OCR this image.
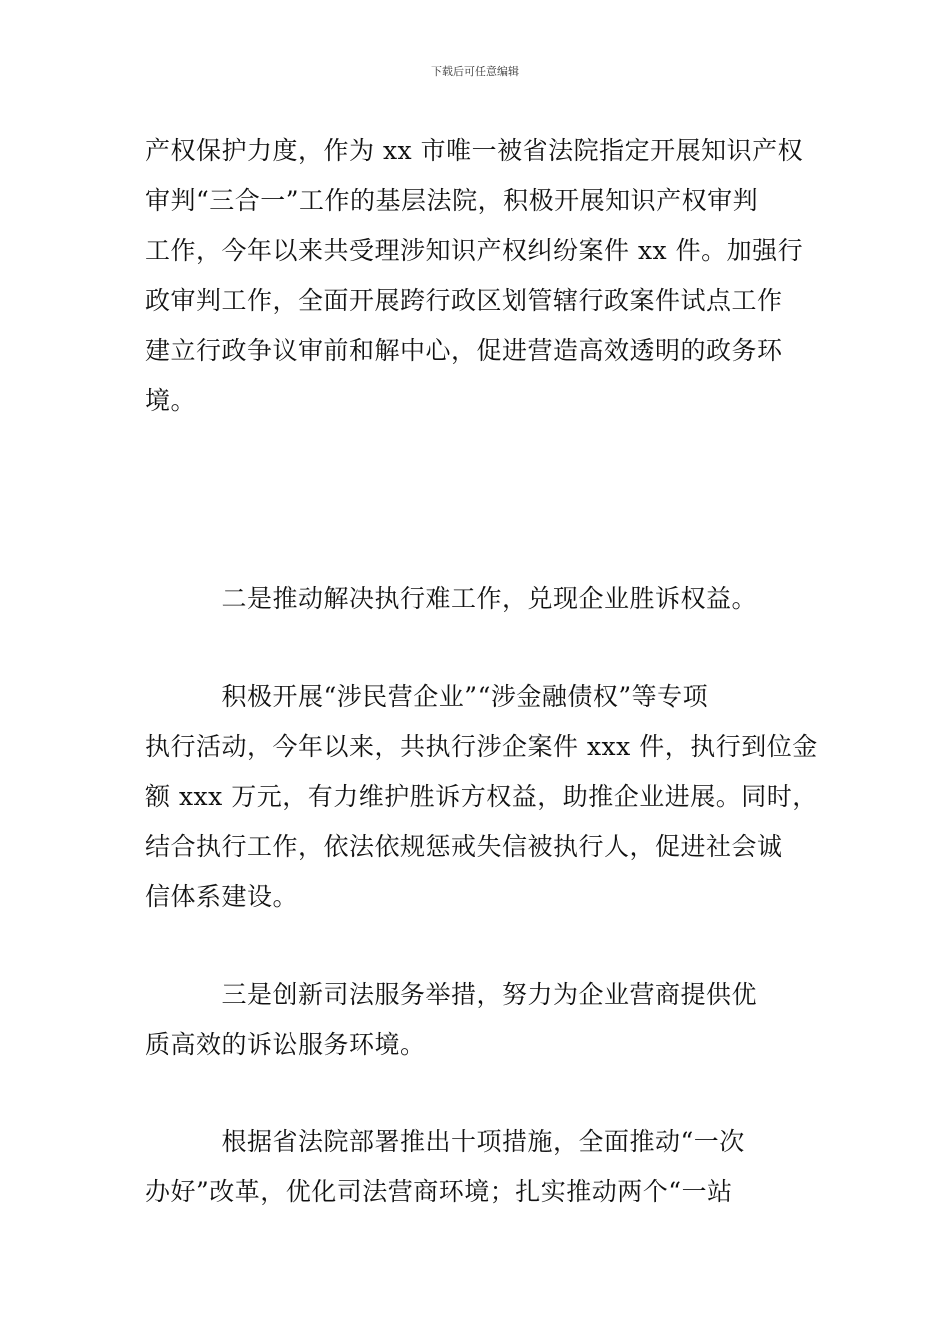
下载后可任意编辑
产权保护力度，作为 xx 市唯一被省法院指定开展知识产权
审判“三合一”工作的基层法院，积极开展知识产权审判
工作，今年以来共受理涉知识产权纠纷案件 xx 件。加强行
政审判工作，全面开展跨行政区划管辖行政案件试点工作
建立行政争议审前和解中心，促进营造高效透明的政务环
境。
　　　二是推动解决执行难工作，兑现企业胜诉权益。
　　　积极开展“涉民营企业”“涉金融债权”等专项
执行活动，今年以来，共执行涉企案件 xxx 件，执行到位金
额 xxx 万元，有力维护胜诉方权益，助推企业进展。同时，
结合执行工作，依法依规惩戒失信被执行人，促进社会诚
信体系建设。
　　　三是创新司法服务举措，努力为企业营商提供优
质高效的诉讼服务环境。
　　　根据省法院部署推出十项措施，全面推动“一次
办好”改革，优化司法营商环境；扎实推动两个“一站
